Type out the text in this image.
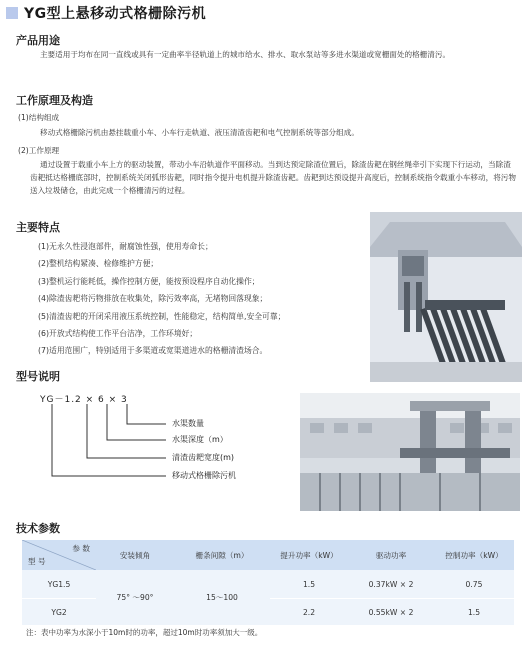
YG型上悬移动式格栅除污机
产品用途
主要适用于均布在同一直线或具有一定曲率半径轨道上的城市给水、排水、取水泵站等多进水渠道或宽栅面处的格栅清污。
工作原理及构造
(1)结构组成
移动式格栅除污机由悬挂载重小车、小车行走轨道、液压清渣齿耙和电气控制系统等部分组成。
(2)工作原理
通过设置于载重小车上方的驱动装置，带动小车沿轨道作平面移动。当到达预定除渣位置后，除渣齿耙在钢丝绳牵引下实现下行运动，当除渣齿耙抵达格栅底部时，控制系统关闭弧形齿耙，同时指令提升电机提升除渣齿耙。齿耙到达预设提升高度后，控制系统指令载重小车移动，将污物送入垃圾储仓，由此完成一个格栅清污的过程。
主要特点
(1)无永久性浸泡部件，耐腐蚀性强，使用寿命长；
(2)整机结构紧凑、检修维护方便；
(3)整机运行能耗低，操作控制方便，能按预设程序自动化操作；
(4)除渣齿耙将污物排放在收集处，除污效率高，无堵物回落现象；
(5)清渣齿耙的开闭采用液压系统控制，性能稳定，结构简单,安全可靠；
(6)开放式结构使工作平台洁净，工作环境好；
(7)适用范围广，特别适用于多渠道或宽渠道进水的格栅清渣场合。
型号说明
YG－1.2 × 6 × 3
水渠数量
水渠深度（m）
清渣齿耙宽度(m)
移动式格栅除污机
技术参数
参 数
型 号	安装倾角	栅条间隙（m）	提升功率（kW）	驱动功率	控制功率（kW）
YG1.5	75° ～90°	15～100	1.5	0.37kW × 2	0.75
YG2			2.2	0.55kW × 2	1.5
注：表中功率为水深小于10m时的功率，超过10m时功率须加大一级。
